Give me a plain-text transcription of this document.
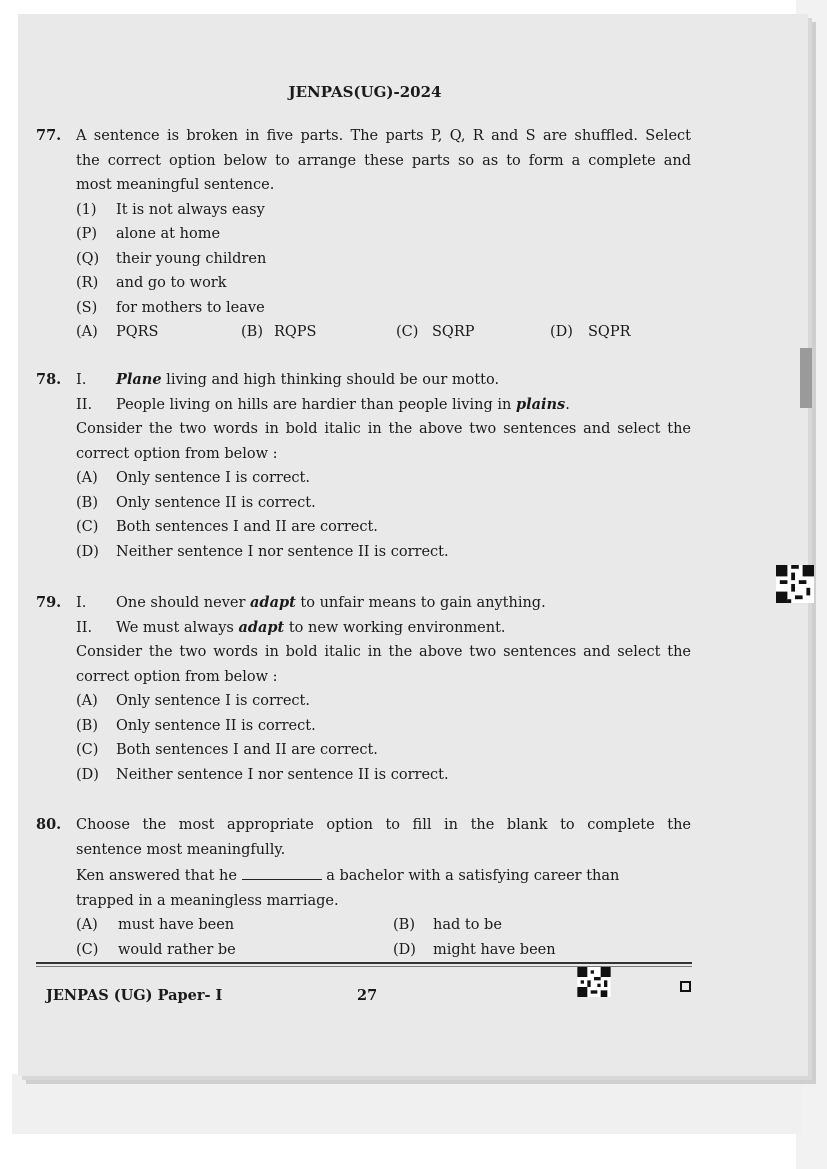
JENPAS(UG)-2024
77. A sentence is broken in five parts. The parts P, Q, R and S are shuffled. Select
the correct option below to arrange these parts so as to form a complete and
most meaningful sentence.
(1) It is not always easy
(P) alone at home
(Q) their young children
(R) and go to work
(S) for mothers to leave
(A) PQRS	(B) RQPS	(C) SQRP	(D) SQPR
78. I. Plane living and high thinking should be our motto.
II. People living on hills are hardier than people living in plains.
Consider the two words in bold italic in the above two sentences and select the
correct option from below :
(A) Only sentence I is correct.
(B) Only sentence II is correct.
(C) Both sentences I and II are correct.
(D) Neither sentence I nor sentence II is correct.
79. I. One should never adapt to unfair means to gain anything.
II. We must always adapt to new working environment.
Consider the two words in bold italic in the above two sentences and select the
correct option from below :
(A) Only sentence I is correct.
(B) Only sentence II is correct.
(C) Both sentences I and II are correct.
(D) Neither sentence I nor sentence II is correct.
80. Choose the most appropriate option to fill in the blank to complete the
sentence most meaningfully.
Ken answered that he	a bachelor with a satisfying career than
trapped in a meaningless marriage.
(A) must have been	(B) had to be
(C) would rather be	(D) might have been
JENPAS (UG) Paper- I	27
